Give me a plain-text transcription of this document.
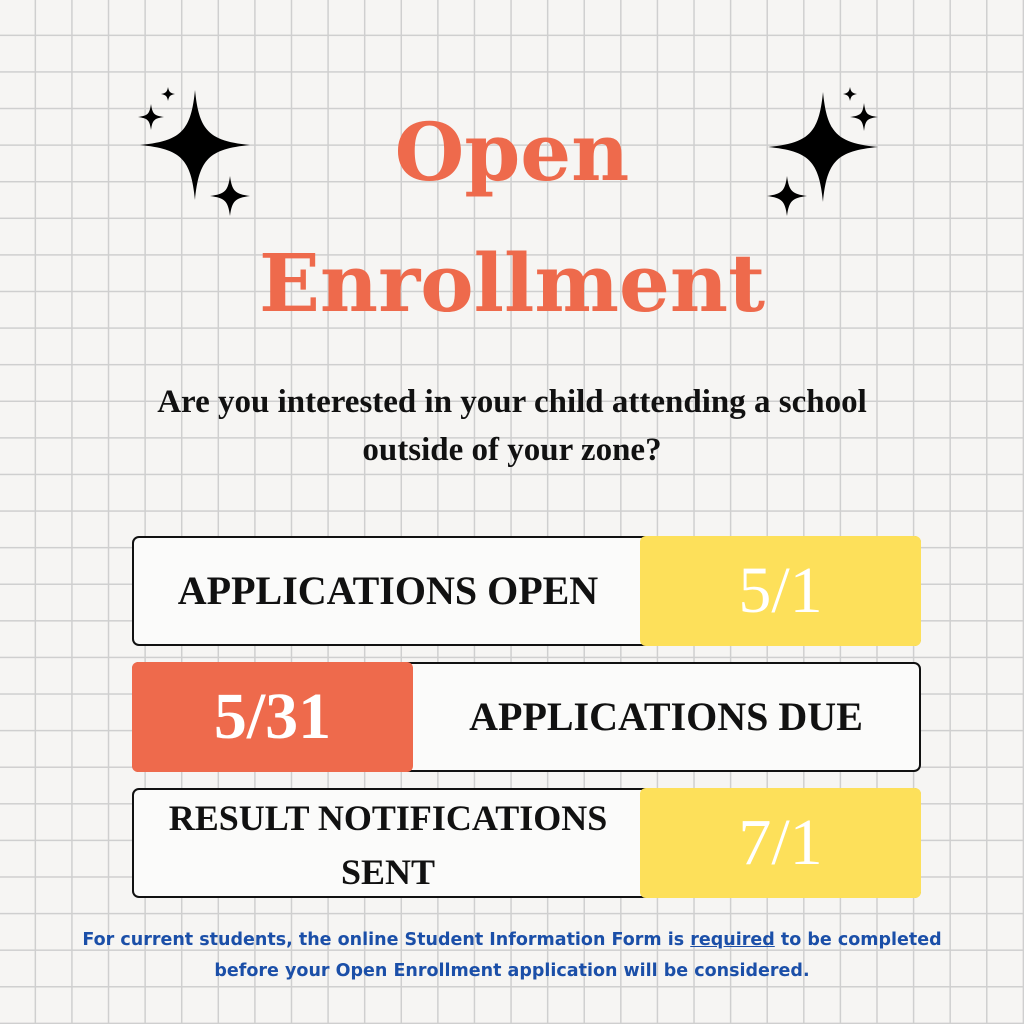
Open
Enrollment
Are you interested in your child attending a school outside of your zone?
APPLICATIONS OPEN	5/1
APPLICATIONS DUE
5/31
RESULT NOTIFICATIONS SENT	7/1
For current students, the online Student Information Form is required to be completed before your Open Enrollment application will be considered.
